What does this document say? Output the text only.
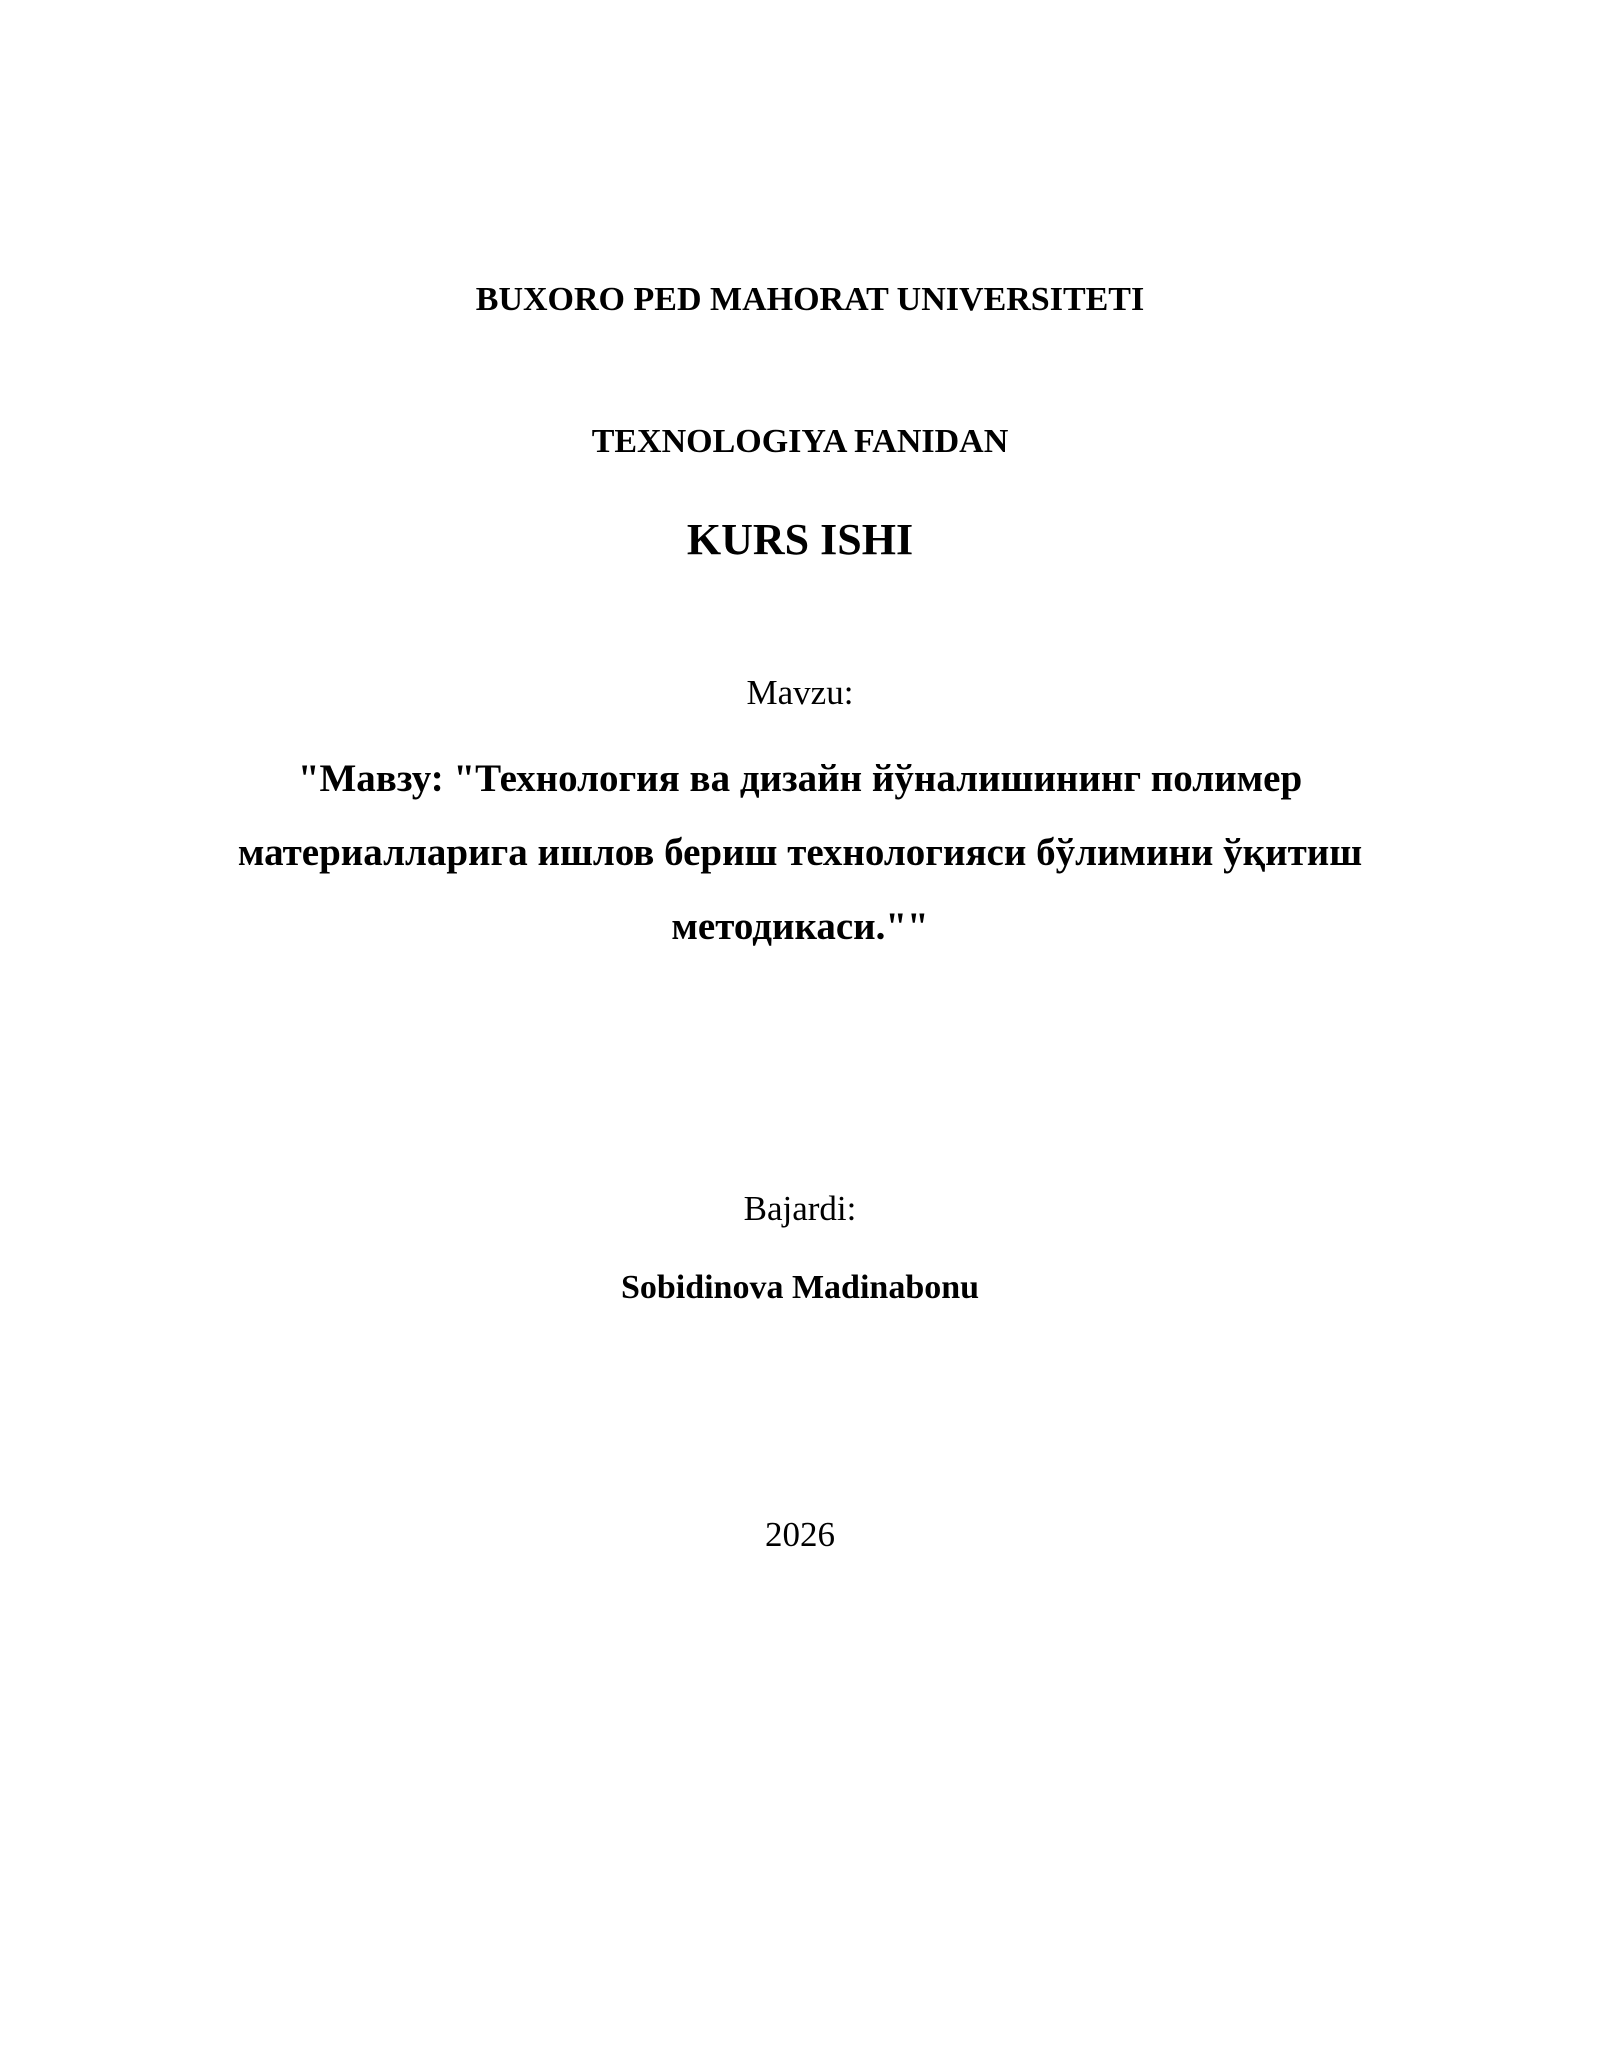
BUXORO PED MAHORAT UNIVERSITETI
TEXNOLOGIYA FANIDAN
KURS ISHI
Mavzu:
"Мавзу: "Технология ва дизайн йўналишининг полимер
материалларига ишлов бериш технологияси бўлимини ўқитиш
методикаси.""
Bajardi:
Sobidinova Madinabonu
2026
